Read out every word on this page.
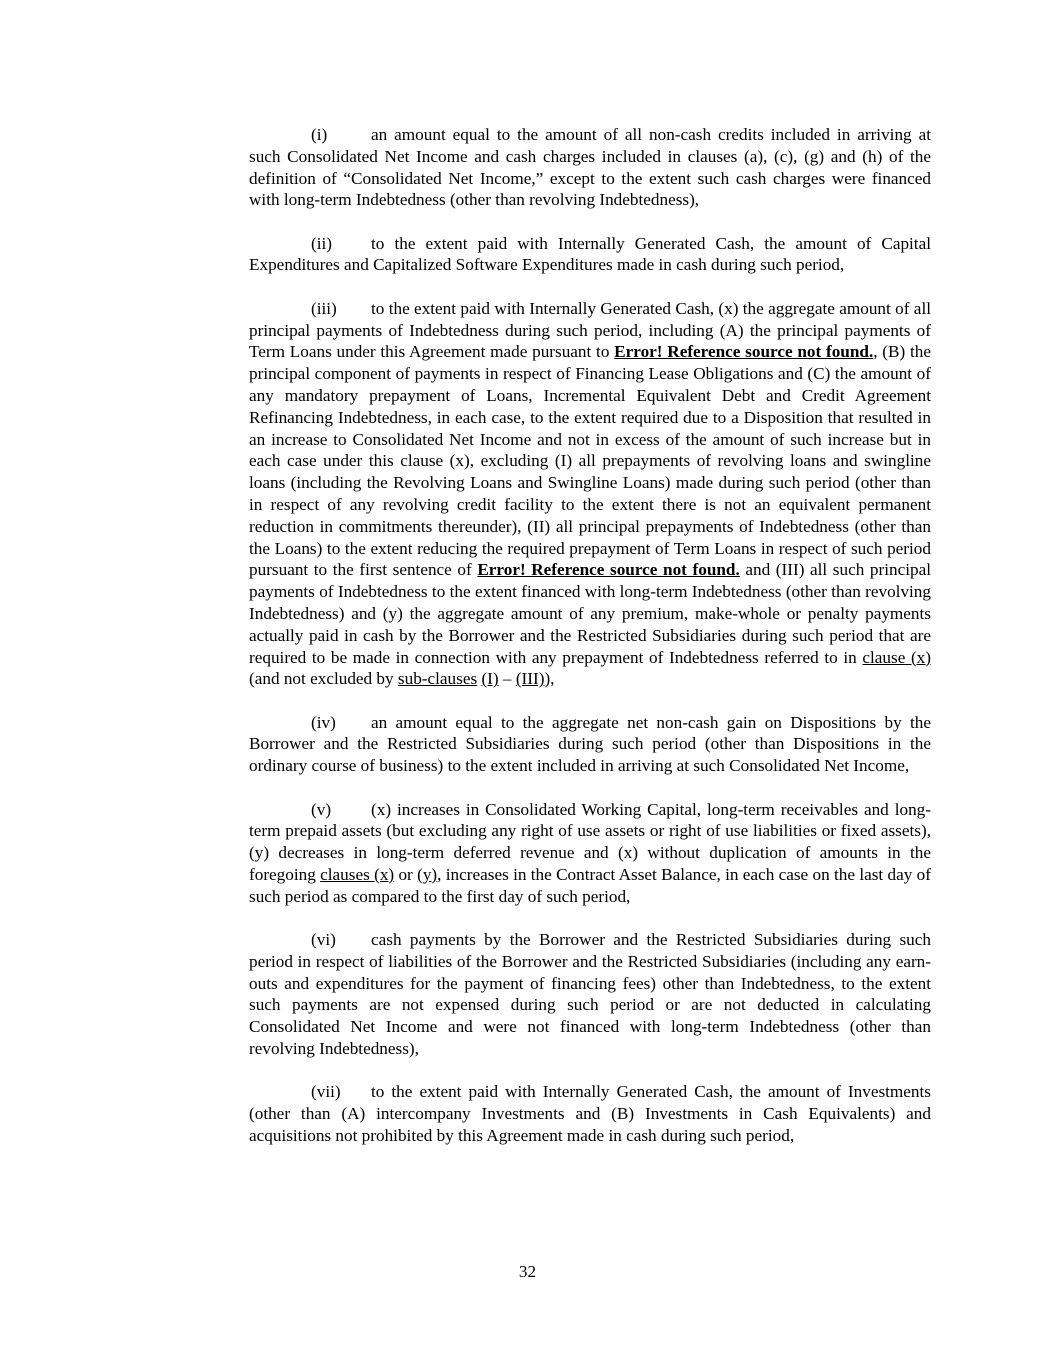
(i)	an amount equal to the amount of all non-cash credits included in arriving at such Consolidated Net Income and cash charges included in clauses (a), (c), (g) and (h) of the definition of “Consolidated Net Income,” except to the extent such cash charges were financed with long-term Indebtedness (other than revolving Indebtedness),

(ii) to the extent paid with Internally Generated Cash, the amount of Capital Expenditures and Capitalized Software Expenditures made in cash during such period,

(iii) to the extent paid with Internally Generated Cash, (x) the aggregate amount of all principal payments of Indebtedness during such period, including (A) the principal payments of Term Loans under this Agreement made pursuant to Error! Reference source not found., (B) the principal component of payments in respect of Financing Lease Obligations and (C) the amount of any mandatory prepayment of Loans, Incremental Equivalent Debt and Credit Agreement Refinancing Indebtedness, in each case, to the extent required due to a Disposition that resulted in an increase to Consolidated Net Income and not in excess of the amount of such increase but in each case under this clause (x), excluding (I) all prepayments of revolving loans and swingline loans (including the Revolving Loans and Swingline Loans) made during such period (other than in respect of any revolving credit facility to the extent there is not an equivalent permanent reduction in commitments thereunder), (II) all principal prepayments of Indebtedness (other than the Loans) to the extent reducing the required prepayment of Term Loans in respect of such period pursuant to the first sentence of Error! Reference source not found. and (III) all such principal payments of Indebtedness to the extent financed with long-term Indebtedness (other than revolving Indebtedness) and (y) the aggregate amount of any premium, make-whole or penalty payments actually paid in cash by the Borrower and the Restricted Subsidiaries during such period that are required to be made in connection with any prepayment of Indebtedness referred to in clause (x) (and not excluded by sub-clauses (I) – (III)),

(iv) an amount equal to the aggregate net non-cash gain on Dispositions by the Borrower and the Restricted Subsidiaries during such period (other than Dispositions in the ordinary course of business) to the extent included in arriving at such Consolidated Net Income,

(v) (x) increases in Consolidated Working Capital, long-term receivables and long-term prepaid assets (but excluding any right of use assets or right of use liabilities or fixed assets), (y) decreases in long-term deferred revenue and (x) without duplication of amounts in the foregoing clauses (x) or (y), increases in the Contract Asset Balance, in each case on the last day of such period as compared to the first day of such period,

(vi) cash payments by the Borrower and the Restricted Subsidiaries during such period in respect of liabilities of the Borrower and the Restricted Subsidiaries (including any earn-outs and expenditures for the payment of financing fees) other than Indebtedness, to the extent such payments are not expensed during such period or are not deducted in calculating Consolidated Net Income and were not financed with long-term Indebtedness (other than revolving Indebtedness),

(vii) to the extent paid with Internally Generated Cash, the amount of Investments (other than (A) intercompany Investments and (B) Investments in Cash Equivalents) and acquisitions not prohibited by this Agreement made in cash during such period,

32
